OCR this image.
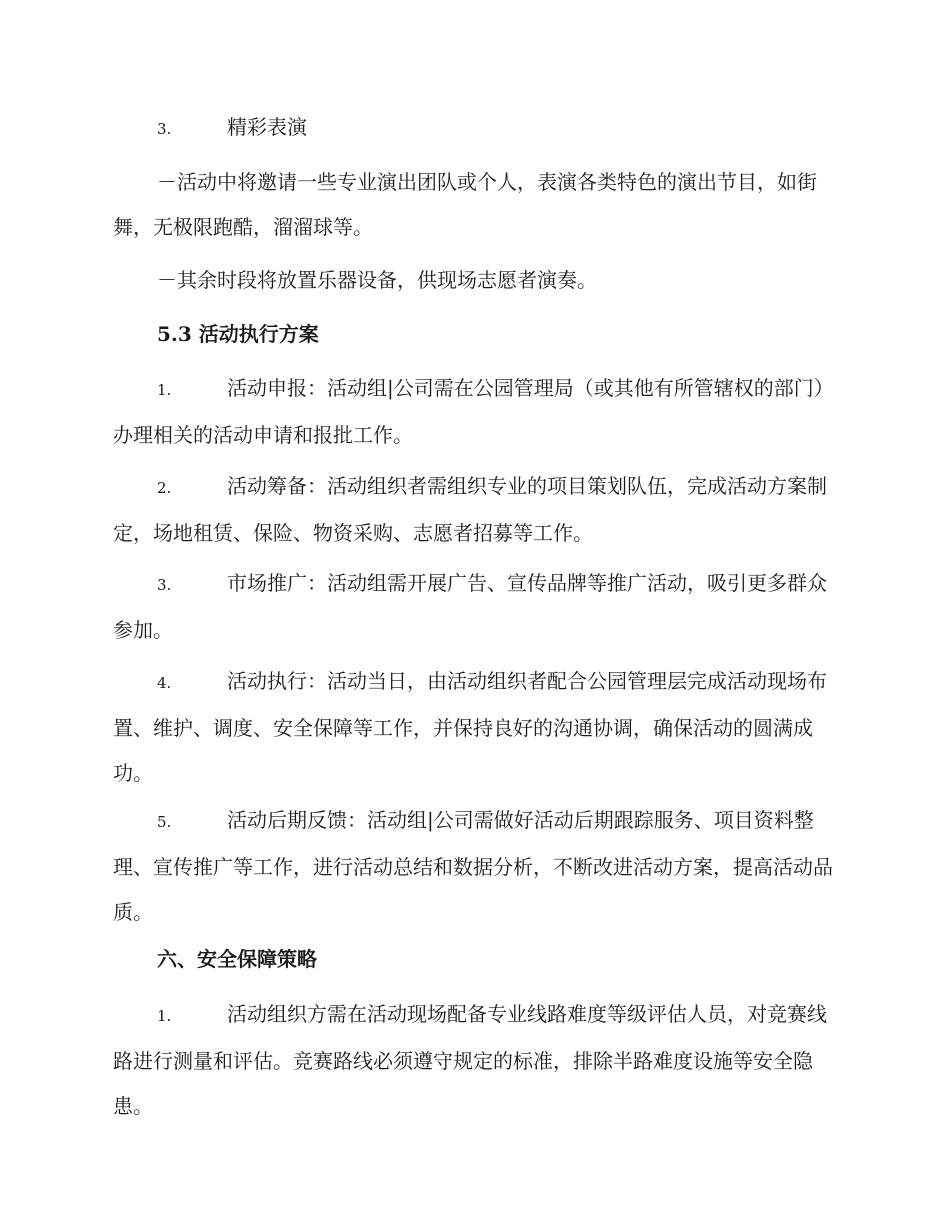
3.	精彩表演

－活动中将邀请一些专业演出团队或个人，表演各类特色的演出节目，如街舞，无极限跑酷，溜溜球等。

－其余时段将放置乐器设备，供现场志愿者演奏。

5.3 活动执行方案

1.	活动申报：活动组|公司需在公园管理局（或其他有所管辖权的部门）办理相关的活动申请和报批工作。

2.	活动筹备：活动组织者需组织专业的项目策划队伍，完成活动方案制定，场地租赁、保险、物资采购、志愿者招募等工作。

3.	市场推广：活动组需开展广告、宣传品牌等推广活动，吸引更多群众参加。

4.	活动执行：活动当日，由活动组织者配合公园管理层完成活动现场布置、维护、调度、安全保障等工作，并保持良好的沟通协调，确保活动的圆满成功。

5.	活动后期反馈：活动组|公司需做好活动后期跟踪服务、项目资料整理、宣传推广等工作，进行活动总结和数据分析，不断改进活动方案，提高活动品质。

六、安全保障策略

1.	活动组织方需在活动现场配备专业线路难度等级评估人员，对竞赛线路进行测量和评估。竞赛路线必须遵守规定的标准，排除半路难度设施等安全隐患。
